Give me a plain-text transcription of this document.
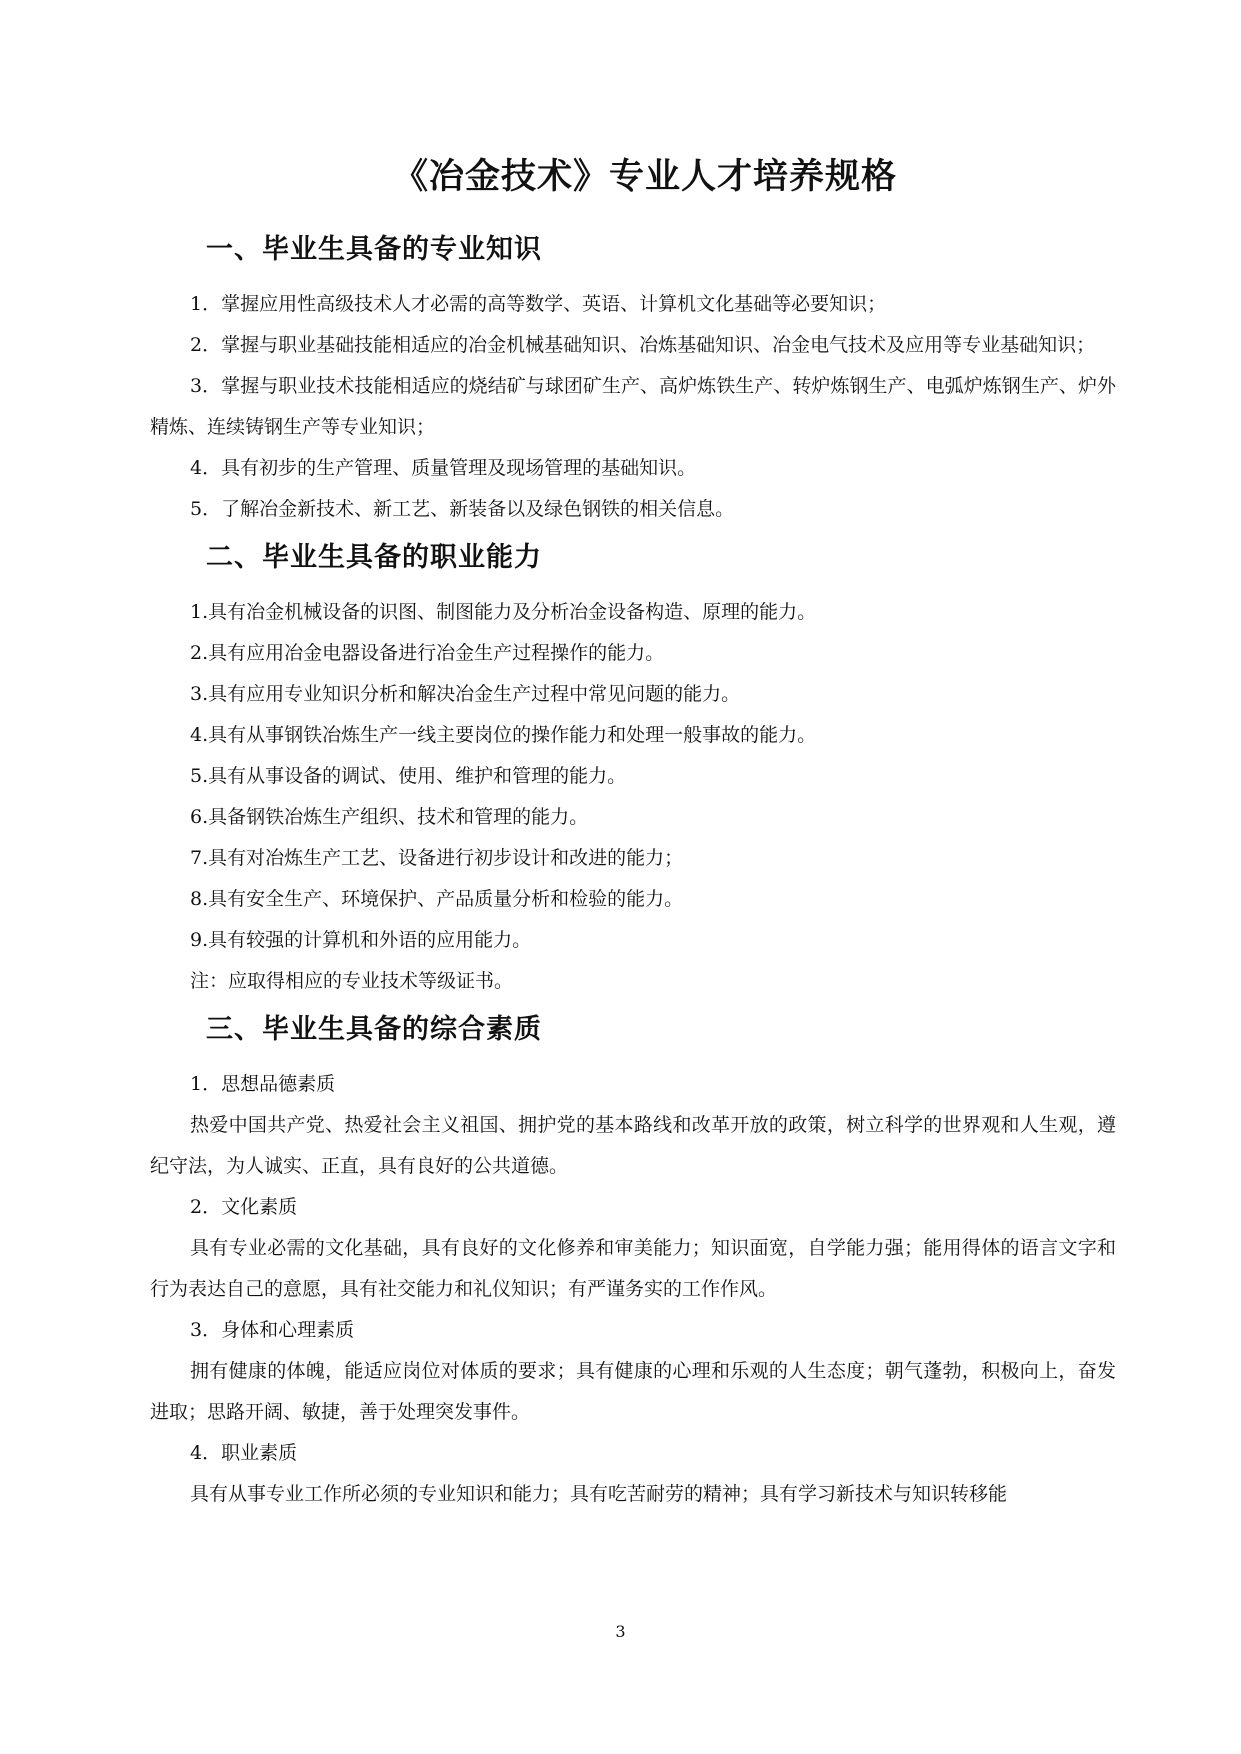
《冶金技术》专业人才培养规格
一、毕业生具备的专业知识

1．掌握应用性高级技术人才必需的高等数学、英语、计算机文化基础等必要知识；

2．掌握与职业基础技能相适应的冶金机械基础知识、冶炼基础知识、冶金电气技术及应用等专业基础知识；

3．掌握与职业技术技能相适应的烧结矿与球团矿生产、高炉炼铁生产、转炉炼钢生产、电弧炉炼钢生产、炉外精炼、连续铸钢生产等专业知识；

4．具有初步的生产管理、质量管理及现场管理的基础知识。

5．了解冶金新技术、新工艺、新装备以及绿色钢铁的相关信息。

二、毕业生具备的职业能力

1.具有冶金机械设备的识图、制图能力及分析冶金设备构造、原理的能力。

2.具有应用冶金电器设备进行冶金生产过程操作的能力。

3.具有应用专业知识分析和解决冶金生产过程中常见问题的能力。

4.具有从事钢铁冶炼生产一线主要岗位的操作能力和处理一般事故的能力。

5.具有从事设备的调试、使用、维护和管理的能力。

6.具备钢铁冶炼生产组织、技术和管理的能力。

7.具有对冶炼生产工艺、设备进行初步设计和改进的能力；

8.具有安全生产、环境保护、产品质量分析和检验的能力。

9.具有较强的计算机和外语的应用能力。

注：应取得相应的专业技术等级证书。

三、毕业生具备的综合素质

1．思想品德素质

热爱中国共产党、热爱社会主义祖国、拥护党的基本路线和改革开放的政策，树立科学的世界观和人生观，遵纪守法，为人诚实、正直，具有良好的公共道德。

2．文化素质

具有专业必需的文化基础，具有良好的文化修养和审美能力；知识面宽，自学能力强；能用得体的语言文字和行为表达自己的意愿，具有社交能力和礼仪知识；有严谨务实的工作作风。

3．身体和心理素质

拥有健康的体魄，能适应岗位对体质的要求；具有健康的心理和乐观的人生态度；朝气蓬勃，积极向上，奋发进取；思路开阔、敏捷，善于处理突发事件。

4．职业素质

具有从事专业工作所必须的专业知识和能力；具有吃苦耐劳的精神；具有学习新技术与知识转移能

3
